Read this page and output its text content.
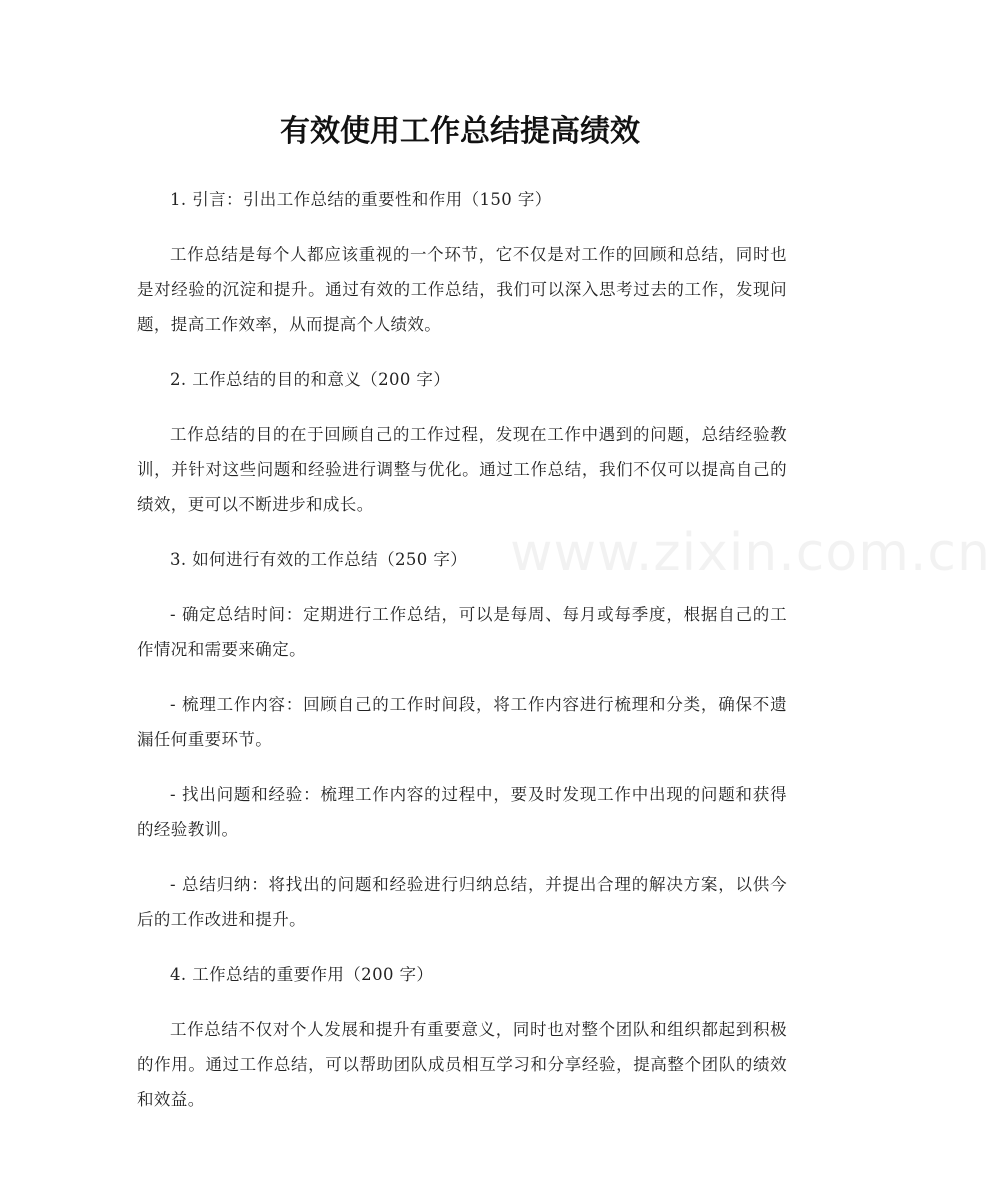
有效使用工作总结提高绩效
www.zixin.com.cn

1. 引言：引出工作总结的重要性和作用（150 字）

工作总结是每个人都应该重视的一个环节，它不仅是对工作的回顾和总结，同时也是对经验的沉淀和提升。通过有效的工作总结，我们可以深入思考过去的工作，发现问题，提高工作效率，从而提高个人绩效。

2. 工作总结的目的和意义（200 字）

工作总结的目的在于回顾自己的工作过程，发现在工作中遇到的问题，总结经验教训，并针对这些问题和经验进行调整与优化。通过工作总结，我们不仅可以提高自己的绩效，更可以不断进步和成长。

3. 如何进行有效的工作总结（250 字）

- 确定总结时间：定期进行工作总结，可以是每周、每月或每季度，根据自己的工作情况和需要来确定。

- 梳理工作内容：回顾自己的工作时间段，将工作内容进行梳理和分类，确保不遗漏任何重要环节。

- 找出问题和经验：梳理工作内容的过程中，要及时发现工作中出现的问题和获得的经验教训。

- 总结归纳：将找出的问题和经验进行归纳总结，并提出合理的解决方案，以供今后的工作改进和提升。

4. 工作总结的重要作用（200 字）

工作总结不仅对个人发展和提升有重要意义，同时也对整个团队和组织都起到积极的作用。通过工作总结，可以帮助团队成员相互学习和分享经验，提高整个团队的绩效和效益。
